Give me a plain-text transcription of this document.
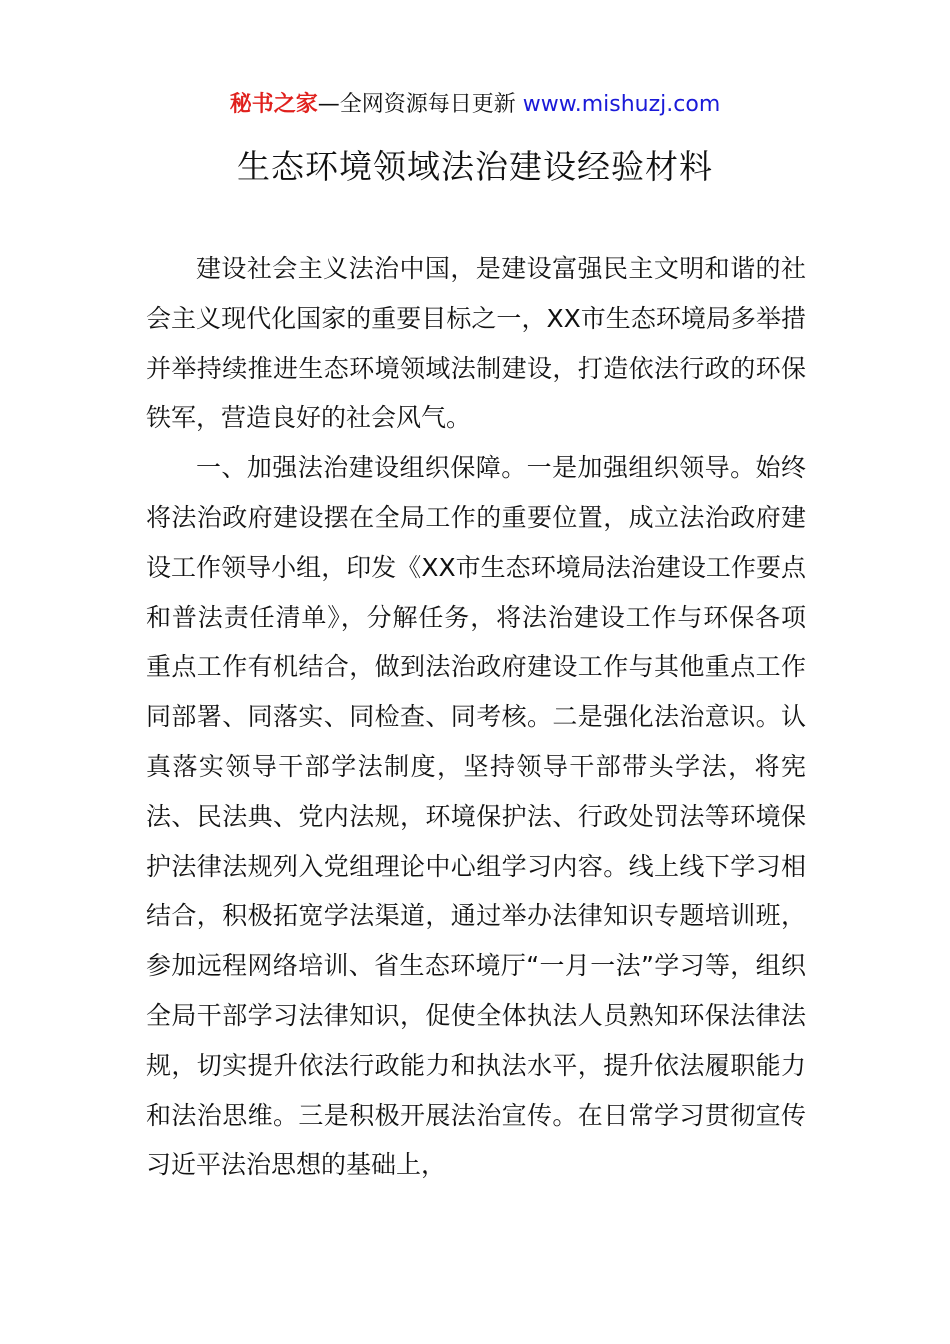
秘书之家—全网资源每日更新 www.mishuzj.com
生态环境领域法治建设经验材料

建设社会主义法治中国，是建设富强民主文明和谐的社会主义现代化国家的重要目标之一，XX市生态环境局多举措并举持续推进生态环境领域法制建设，打造依法行政的环保铁军，营造良好的社会风气。

一、加强法治建设组织保障。一是加强组织领导。始终将法治政府建设摆在全局工作的重要位置，成立法治政府建设工作领导小组，印发《XX市生态环境局法治建设工作要点和普法责任清单》，分解任务，将法治建设工作与环保各项重点工作有机结合，做到法治政府建设工作与其他重点工作同部署、同落实、同检查、同考核。二是强化法治意识。认真落实领导干部学法制度，坚持领导干部带头学法，将宪法、民法典、党内法规，环境保护法、行政处罚法等环境保护法律法规列入党组理论中心组学习内容。线上线下学习相结合，积极拓宽学法渠道，通过举办法律知识专题培训班，参加远程网络培训、省生态环境厅“一月一法”学习等，组织全局干部学习法律知识，促使全体执法人员熟知环保法律法规，切实提升依法行政能力和执法水平，提升依法履职能力和法治思维。三是积极开展法治宣传。在日常学习贯彻宣传习近平法治思想的基础上，
